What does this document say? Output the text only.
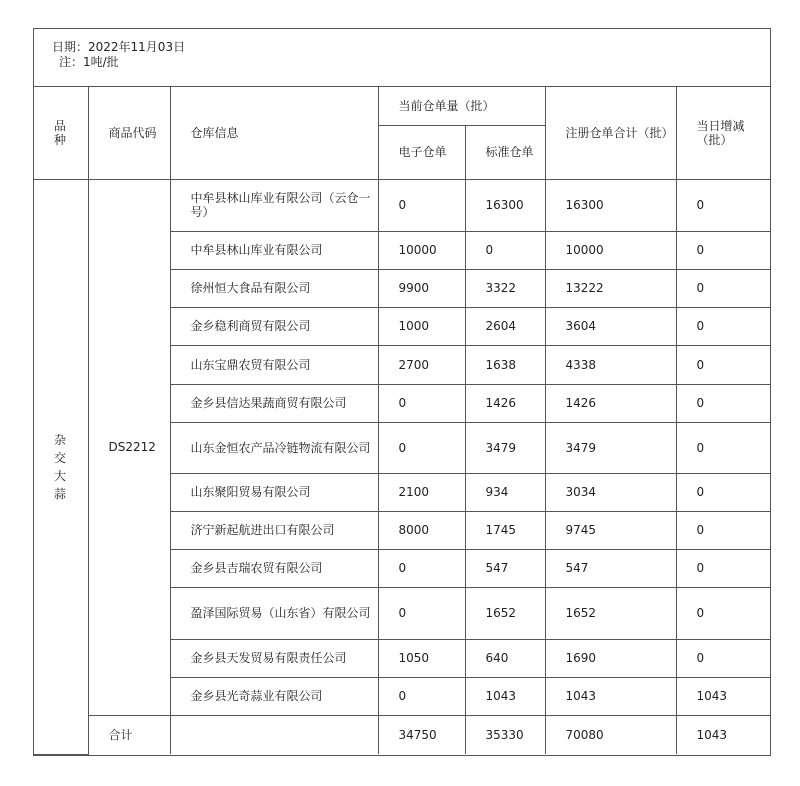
日期：2022年11月03日
注：1吨/批
品
种	商品代码	仓库信息	当前仓单量（批）		注册仓单合计（批）	当日增减（批）
			电子仓单	标准仓单		

杂
交
大
蒜	DS2212	中牟县林山库业有限公司（云仓一号）	0	16300	16300	0
		中牟县林山库业有限公司	10000	0	10000	0
		徐州恒大食品有限公司	9900	3322	13222	0
		金乡稳利商贸有限公司	1000	2604	3604	0
		山东宝鼎农贸有限公司	2700	1638	4338	0
		金乡县信达果蔬商贸有限公司	0	1426	1426	0
		山东金恒农产品冷链物流有限公司	0	3479	3479	0
		山东聚阳贸易有限公司	2100	934	3034	0
		济宁新起航进出口有限公司	8000	1745	9745	0
		金乡县吉瑞农贸有限公司	0	547	547	0
		盈泽国际贸易（山东省）有限公司	0	1652	1652	0
		金乡县天发贸易有限责任公司	1050	640	1690	0
		金乡县光奇蒜业有限公司	0	1043	1043	1043
	合计		34750	35330	70080	1043
